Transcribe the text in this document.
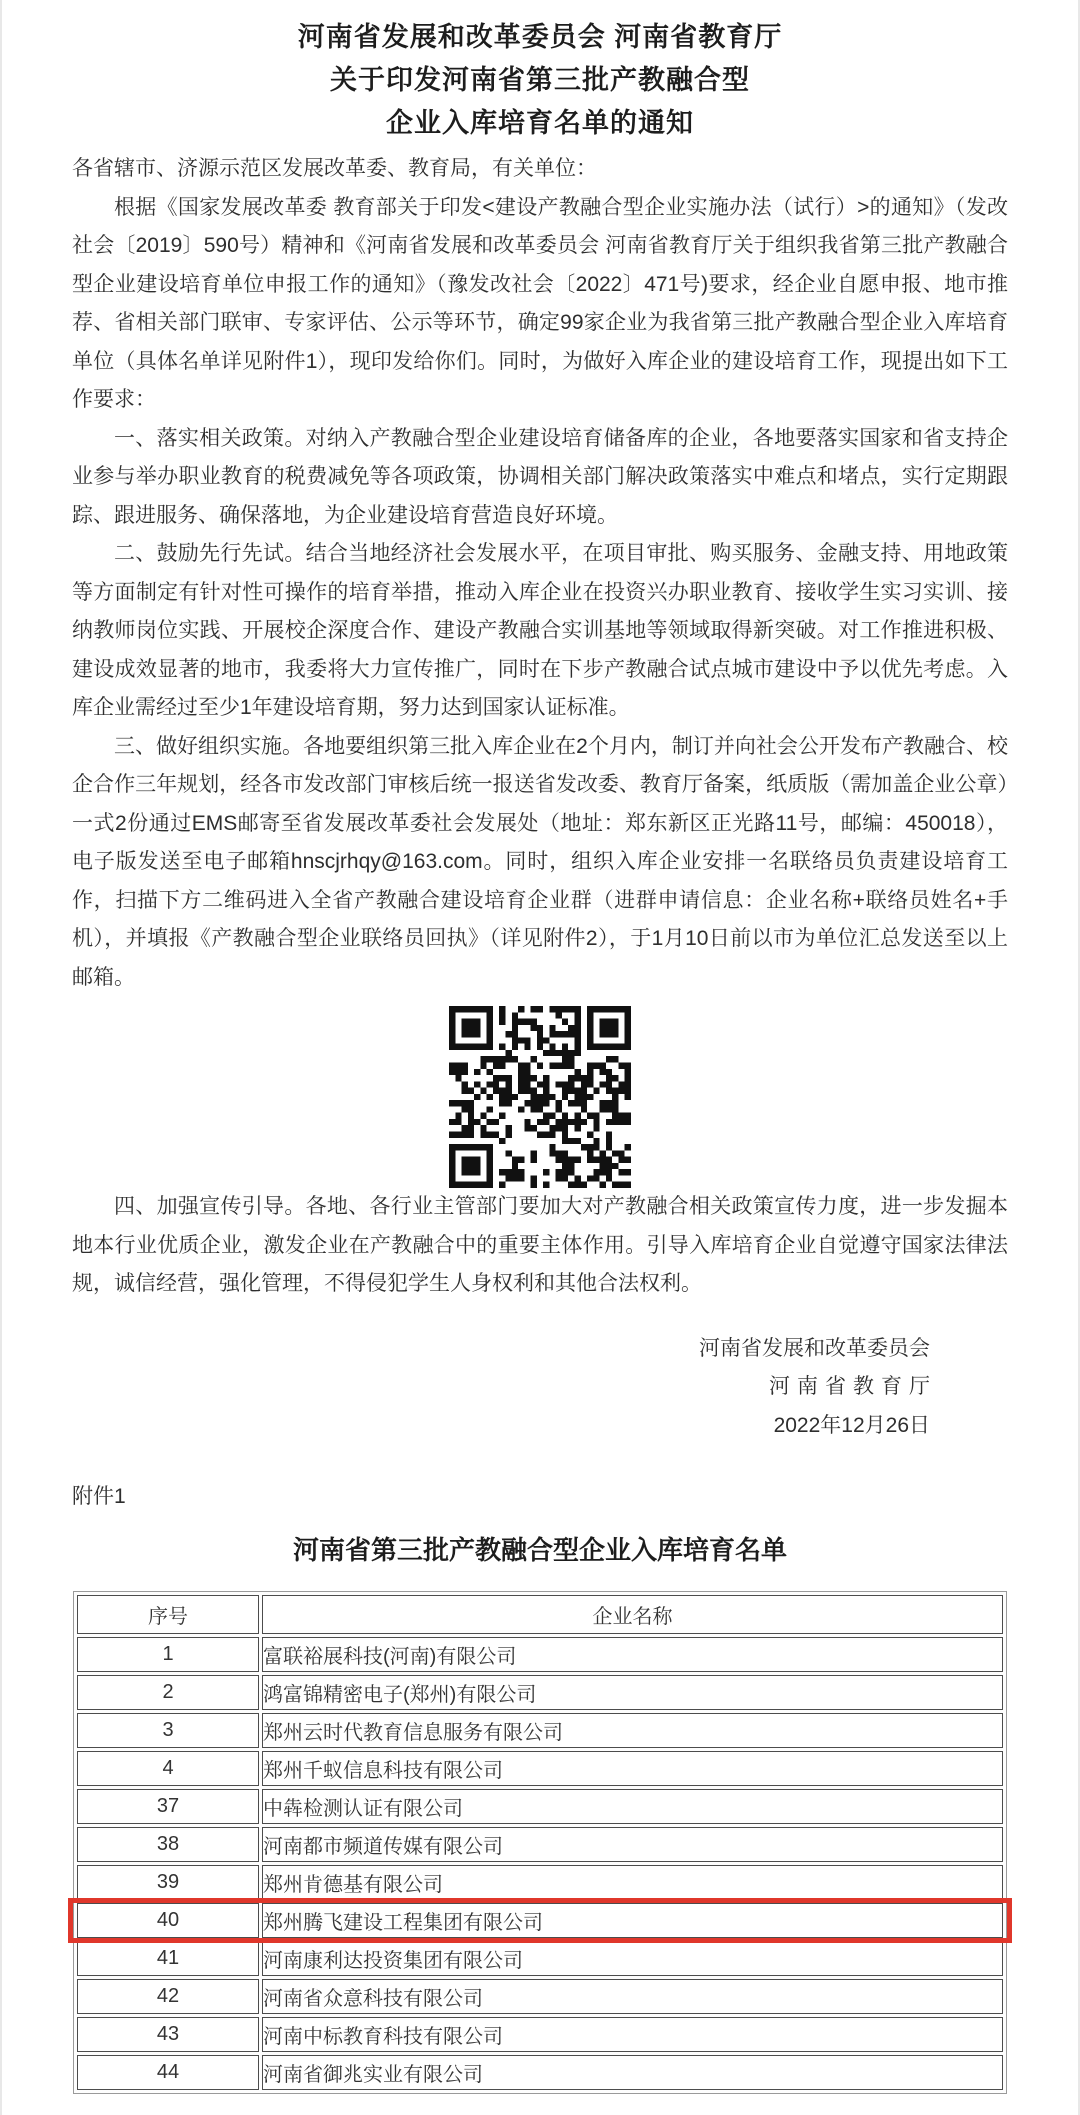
河南省发展和改革委员会 河南省教育厅
关于印发河南省第三批产教融合型
企业入库培育名单的通知
各省辖市、济源示范区发展改革委、教育局，有关单位：

根据《国家发展改革委 教育部关于印发<建设产教融合型企业实施办法（试行）>的通知》（发改社会〔2019〕590号）精神和《河南省发展和改革委员会 河南省教育厅关于组织我省第三批产教融合型企业建设培育单位申报工作的通知》（豫发改社会〔2022〕471号)要求，经企业自愿申报、地市推荐、省相关部门联审、专家评估、公示等环节，确定99家企业为我省第三批产教融合型企业入库培育单位（具体名单详见附件1），现印发给你们。同时，为做好入库企业的建设培育工作，现提出如下工作要求：

一、落实相关政策。对纳入产教融合型企业建设培育储备库的企业，各地要落实国家和省支持企业参与举办职业教育的税费减免等各项政策，协调相关部门解决政策落实中难点和堵点，实行定期跟踪、跟进服务、确保落地，为企业建设培育营造良好环境。

二、鼓励先行先试。结合当地经济社会发展水平，在项目审批、购买服务、金融支持、用地政策等方面制定有针对性可操作的培育举措，推动入库企业在投资兴办职业教育、接收学生实习实训、接纳教师岗位实践、开展校企深度合作、建设产教融合实训基地等领域取得新突破。对工作推进积极、建设成效显著的地市，我委将大力宣传推广，同时在下步产教融合试点城市建设中予以优先考虑。入库企业需经过至少1年建设培育期，努力达到国家认证标准。

三、做好组织实施。各地要组织第三批入库企业在2个月内，制订并向社会公开发布产教融合、校企合作三年规划，经各市发改部门审核后统一报送省发改委、教育厅备案，纸质版（需加盖企业公章）一式2份通过EMS邮寄至省发展改革委社会发展处（地址：郑东新区正光路11号，邮编：450018），电子版发送至电子邮箱hnscjrhqy@163.com。同时，组织入库企业安排一名联络员负责建设培育工作，扫描下方二维码进入全省产教融合建设培育企业群（进群申请信息：企业名称+联络员姓名+手机），并填报《产教融合型企业联络员回执》（详见附件2），于1月10日前以市为单位汇总发送至以上邮箱。

四、加强宣传引导。各地、各行业主管部门要加大对产教融合相关政策宣传力度，进一步发掘本地本行业优质企业，激发企业在产教融合中的重要主体作用。引导入库培育企业自觉遵守国家法律法规，诚信经营，强化管理，不得侵犯学生人身权利和其他合法权利。

河南省发展和改革委员会
河南省教育厅
2022年12月26日
附件1
河南省第三批产教融合型企业入库培育名单
序号	企业名称
1	富联裕展科技(河南)有限公司
2	鸿富锦精密电子(郑州)有限公司
3	郑州云时代教育信息服务有限公司
4	郑州千蚁信息科技有限公司
37	中犇检测认证有限公司
38	河南都市频道传媒有限公司
39	郑州肯德基有限公司
40	郑州腾飞建设工程集团有限公司
41	河南康利达投资集团有限公司
42	河南省众意科技有限公司
43	河南中标教育科技有限公司
44	河南省御兆实业有限公司
